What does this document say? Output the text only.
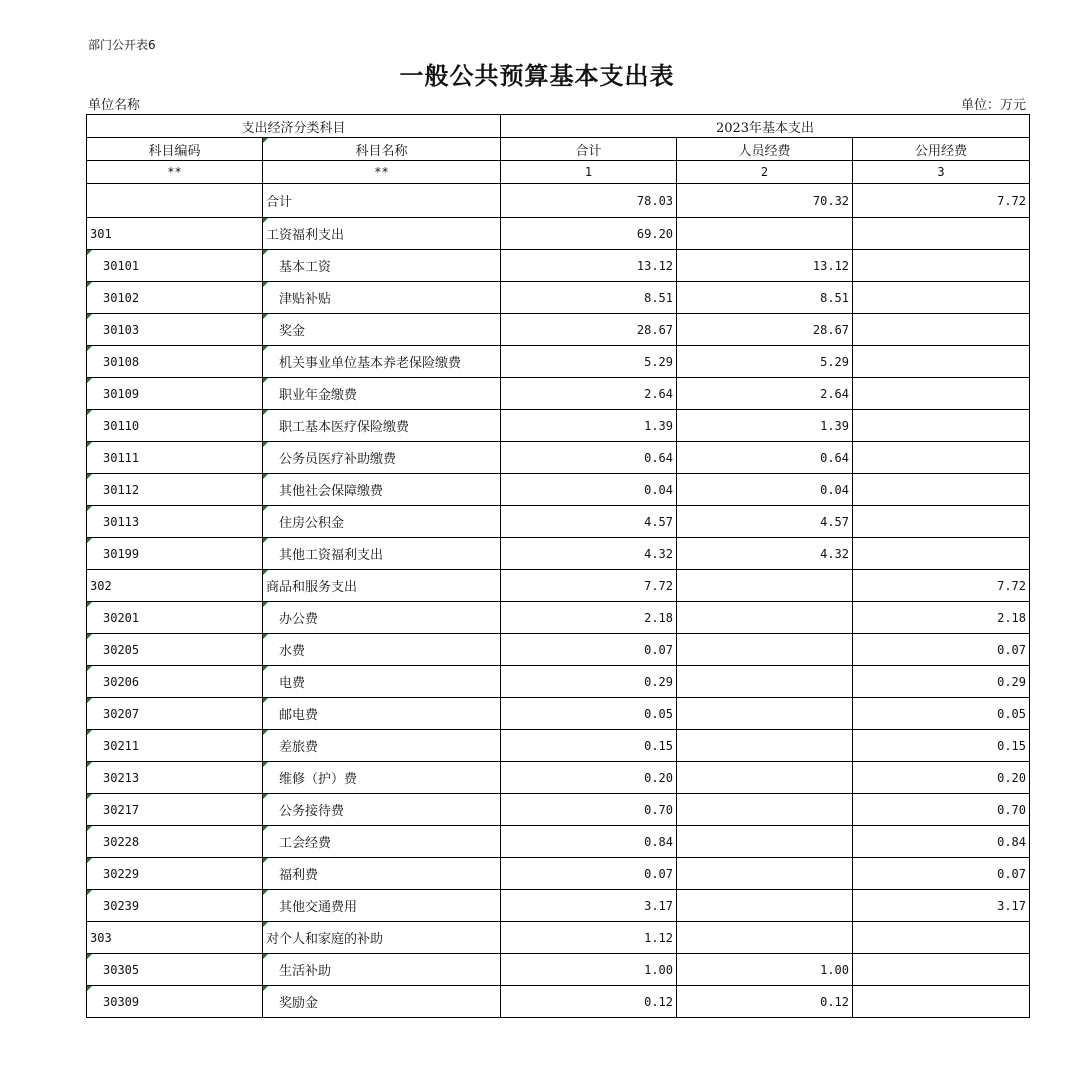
部门公开表6
一般公共预算基本支出表
单位名称	单位：万元
支出经济分类科目		2023年基本支出		
科目编码	科目名称	合计	人员经费	公用经费
**	**	1	2	3
	合计	78.03	70.32	7.72
301	工资福利支出	69.20		
30101	基本工资	13.12	13.12	
30102	津贴补贴	8.51	8.51	
30103	奖金	28.67	28.67	
30108	机关事业单位基本养老保险缴费	5.29	5.29	
30109	职业年金缴费	2.64	2.64	
30110	职工基本医疗保险缴费	1.39	1.39	
30111	公务员医疗补助缴费	0.64	0.64	
30112	其他社会保障缴费	0.04	0.04	
30113	住房公积金	4.57	4.57	
30199	其他工资福利支出	4.32	4.32	
302	商品和服务支出	7.72		7.72
30201	办公费	2.18		2.18
30205	水费	0.07		0.07
30206	电费	0.29		0.29
30207	邮电费	0.05		0.05
30211	差旅费	0.15		0.15
30213	维修（护）费	0.20		0.20
30217	公务接待费	0.70		0.70
30228	工会经费	0.84		0.84
30229	福利费	0.07		0.07
30239	其他交通费用	3.17		3.17
303	对个人和家庭的补助	1.12		
30305	生活补助	1.00	1.00	
30309	奖励金	0.12	0.12	
